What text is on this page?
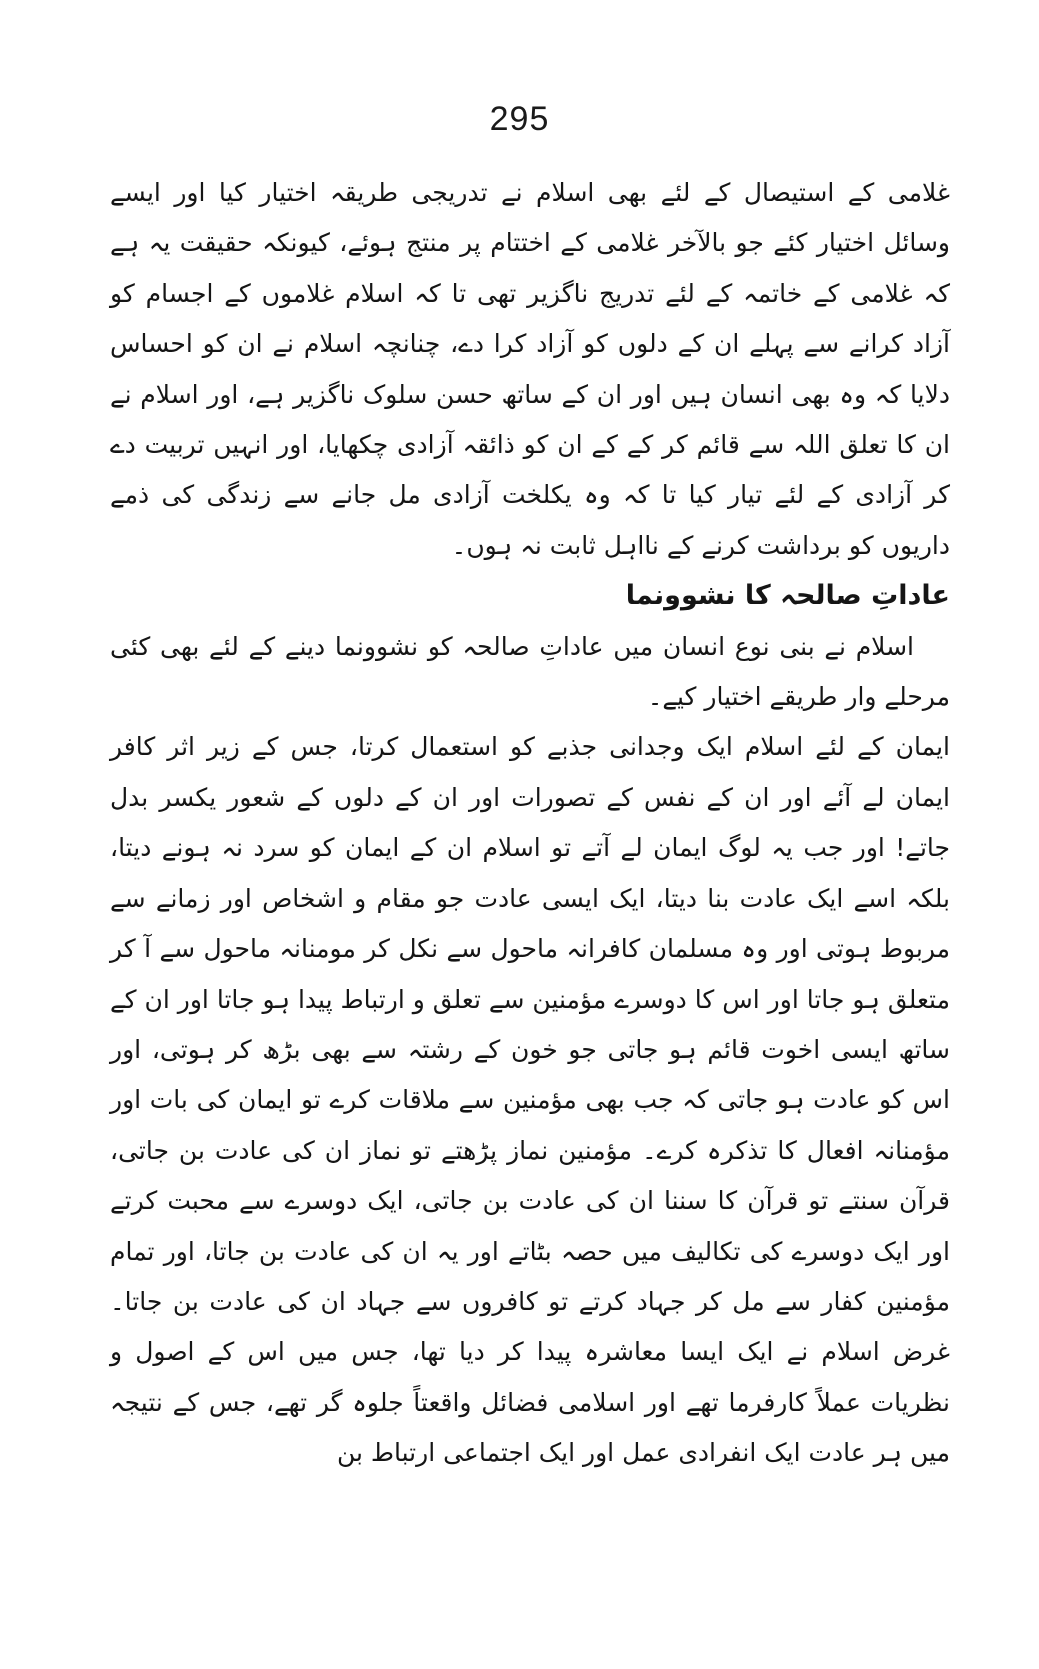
295

غلامی کے استیصال کے لئے بھی اسلام نے تدریجی طریقہ اختیار کیا اور ایسے وسائل اختیار کئے جو بالآخر غلامی کے اختتام پر منتج ہوئے، کیونکہ حقیقت یہ ہے کہ غلامی کے خاتمہ کے لئے تدریج ناگزیر تھی تا کہ اسلام غلاموں کے اجسام کو آزاد کرانے سے پہلے ان کے دلوں کو آزاد کرا دے، چنانچہ اسلام نے ان کو احساس دلایا کہ وہ بھی انسان ہیں اور ان کے ساتھ حسن سلوک ناگزیر ہے، اور اسلام نے ان کا تعلق اللہ سے قائم کر کے کے ان کو ذائقہ آزادی چکھایا، اور انہیں تربیت دے کر آزادی کے لئے تیار کیا تا کہ وہ یکلخت آزادی مل جانے سے زندگی کی ذمے داریوں کو برداشت کرنے کے نااہل ثابت نہ ہوں۔

عاداتِ صالحہ کا نشوونما

اسلام نے بنی نوع انسان میں عاداتِ صالحہ کو نشوونما دینے کے لئے بھی کئی مرحلے وار طریقے اختیار کیے۔

ایمان کے لئے اسلام ایک وجدانی جذبے کو استعمال کرتا، جس کے زیر اثر کافر ایمان لے آئے اور ان کے نفس کے تصورات اور ان کے دلوں کے شعور یکسر بدل جاتے! اور جب یہ لوگ ایمان لے آتے تو اسلام ان کے ایمان کو سرد نہ ہونے دیتا، بلکہ اسے ایک عادت بنا دیتا، ایک ایسی عادت جو مقام و اشخاص اور زمانے سے مربوط ہوتی اور وہ مسلمان کافرانہ ماحول سے نکل کر مومنانہ ماحول سے آ کر متعلق ہو جاتا اور اس کا دوسرے مؤمنین سے تعلق و ارتباط پیدا ہو جاتا اور ان کے ساتھ ایسی اخوت قائم ہو جاتی جو خون کے رشتہ سے بھی بڑھ کر ہوتی، اور اس کو عادت ہو جاتی کہ جب بھی مؤمنین سے ملاقات کرے تو ایمان کی بات اور مؤمنانہ افعال کا تذکرہ کرے۔ مؤمنین نماز پڑھتے تو نماز ان کی عادت بن جاتی، قرآن سنتے تو قرآن کا سننا ان کی عادت بن جاتی، ایک دوسرے سے محبت کرتے اور ایک دوسرے کی تکالیف میں حصہ بٹاتے اور یہ ان کی عادت بن جاتا، اور تمام مؤمنین کفار سے مل کر جہاد کرتے تو کافروں سے جہاد ان کی عادت بن جاتا۔ غرض اسلام نے ایک ایسا معاشرہ پیدا کر دیا تھا، جس میں اس کے اصول و نظریات عملاً کارفرما تھے اور اسلامی فضائل واقعتاً جلوہ گر تھے، جس کے نتیجہ میں ہر عادت ایک انفرادی عمل اور ایک اجتماعی ارتباط بن
